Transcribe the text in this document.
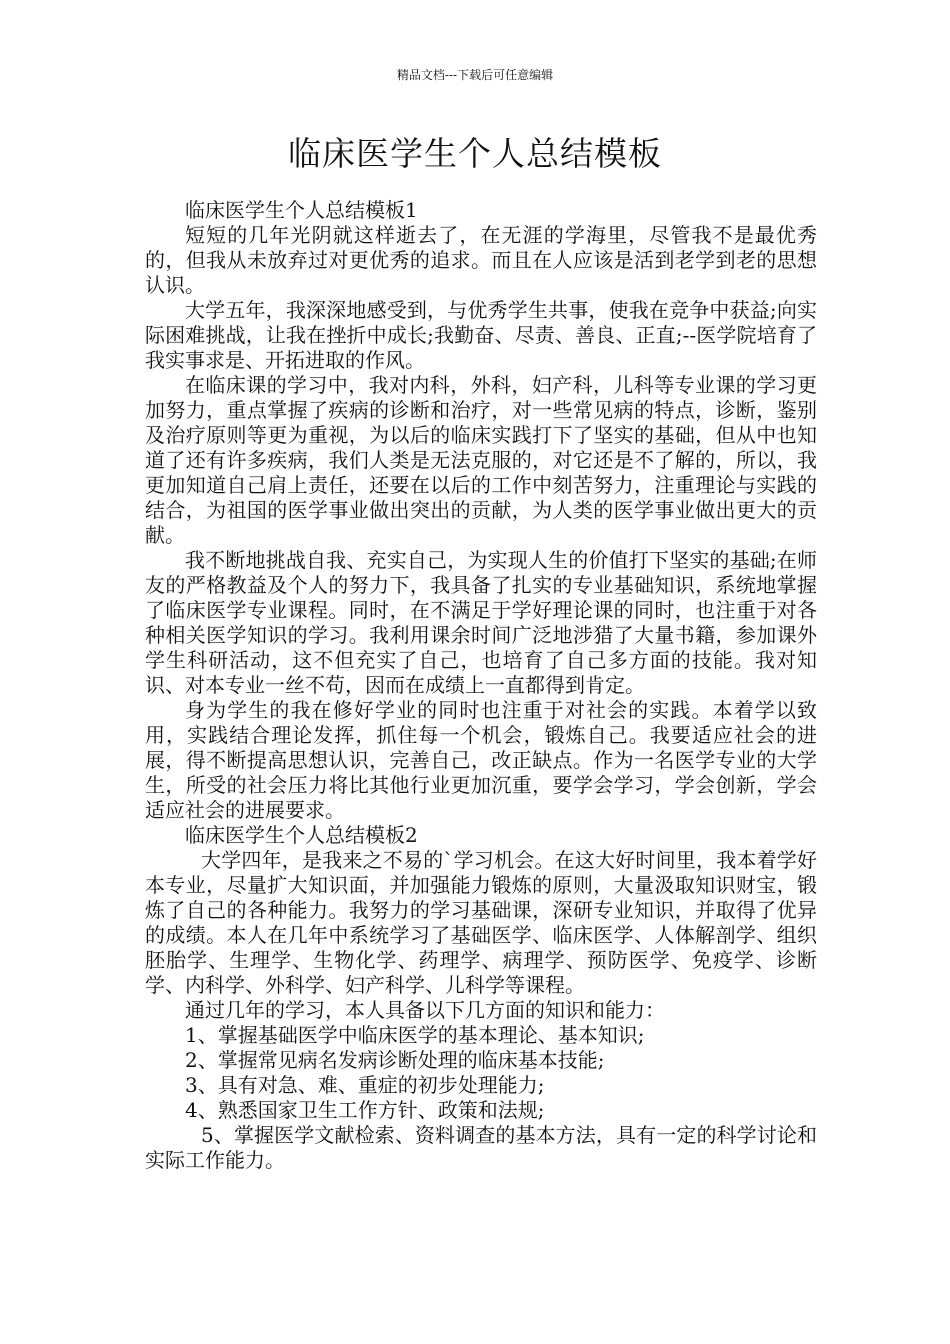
精品文档---下载后可任意编辑
临床医学生个人总结模板

临床医学生个人总结模板1

短短的几年光阴就这样逝去了，在无涯的学海里，尽管我不是最优秀的，但我从未放弃过对更优秀的追求。而且在人应该是活到老学到老的思想认识。

大学五年，我深深地感受到，与优秀学生共事，使我在竞争中获益;向实际困难挑战，让我在挫折中成长;我勤奋、尽责、善良、正直;--医学院培育了我实事求是、开拓进取的作风。

在临床课的学习中，我对内科，外科，妇产科，儿科等专业课的学习更加努力，重点掌握了疾病的诊断和治疗，对一些常见病的特点，诊断，鉴别及治疗原则等更为重视，为以后的临床实践打下了坚实的基础，但从中也知道了还有许多疾病，我们人类是无法克服的，对它还是不了解的，所以，我更加知道自己肩上责任，还要在以后的工作中刻苦努力，注重理论与实践的结合，为祖国的医学事业做出突出的贡献，为人类的医学事业做出更大的贡献。

我不断地挑战自我、充实自己，为实现人生的价值打下坚实的基础;在师友的严格教益及个人的努力下，我具备了扎实的专业基础知识，系统地掌握了临床医学专业课程。同时，在不满足于学好理论课的同时，也注重于对各种相关医学知识的学习。我利用课余时间广泛地涉猎了大量书籍，参加课外学生科研活动，这不但充实了自己，也培育了自己多方面的技能。我对知识、对本专业一丝不苟，因而在成绩上一直都得到肯定。

身为学生的我在修好学业的同时也注重于对社会的实践。本着学以致用，实践结合理论发挥，抓住每一个机会，锻炼自己。我要适应社会的进展，得不断提高思想认识，完善自己，改正缺点。作为一名医学专业的大学生，所受的社会压力将比其他行业更加沉重，要学会学习，学会创新，学会适应社会的进展要求。

临床医学生个人总结模板2

大学四年，是我来之不易的`学习机会。在这大好时间里，我本着学好本专业，尽量扩大知识面，并加强能力锻炼的原则，大量汲取知识财宝，锻炼了自己的各种能力。我努力的学习基础课，深研专业知识，并取得了优异的成绩。本人在几年中系统学习了基础医学、临床医学、人体解剖学、组织胚胎学、生理学、生物化学、药理学、病理学、预防医学、免疫学、诊断学、内科学、外科学、妇产科学、儿科学等课程。

通过几年的学习，本人具备以下几方面的知识和能力：

1、掌握基础医学中临床医学的基本理论、基本知识;

2、掌握常见病名发病诊断处理的临床基本技能;

3、具有对急、难、重症的初步处理能力;

4、熟悉国家卫生工作方针、政策和法规;

5、掌握医学文献检索、资料调查的基本方法，具有一定的科学讨论和实际工作能力。
